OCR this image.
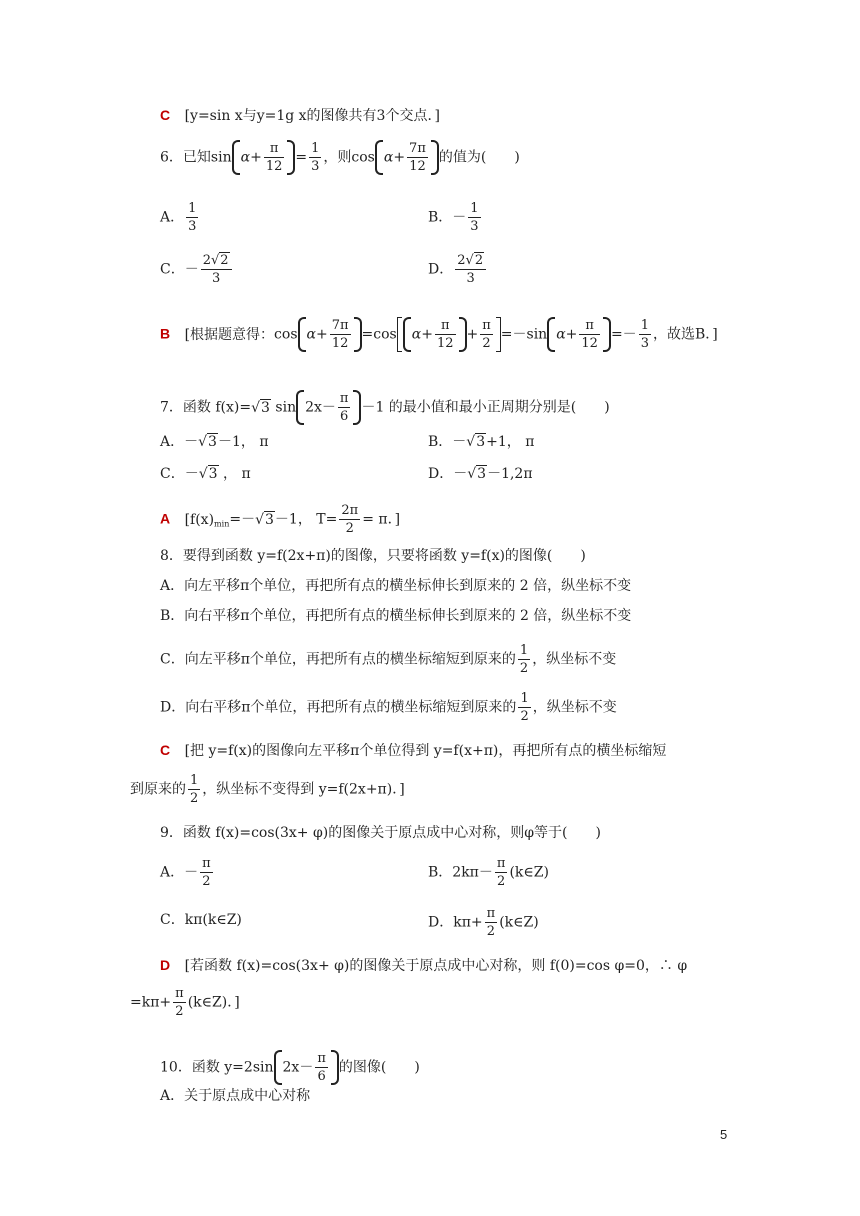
C [y=sin x与y=1g x的图像共有3个交点．]
6．已知$\sin \alpha+ \frac{\pi}{12} = \frac{1}{3}$ ，则$\cos \alpha+ \frac{7\pi}{12}$ 的值为(　　)
A． $\frac{1}{3}$	B．－ $\frac{1}{3}$
C．－ $\frac{2√ 2}{3}$	D． $\frac{2√ 2}{3}$
B [根据题意得：$\cos \alpha+ \frac{7\pi}{12} =\cos$ $\alpha+ \frac{\pi}{12} + \frac{\pi}{2} =-\sin$ $\alpha+ \frac{\pi}{12} =- \frac{1}{3}$ ，故选B．]
7．函数 f(x)=√ 3 $\sin 2x- \frac{\pi}{6} -1$ 的最小值和最小正周期分别是(　　)
A．－√ 3－1， π	B．－√ 3+1， π
C．－√ 3 ， π	D．－√ 3－1,2π
A [$f(x)_{min}=-√$ 3－1， $T= \frac{2\pi}{2} = \pi$．]
8．要得到函数 y=f(2x+π)的图像，只要将函数 y=f(x)的图像(　　)
A．向左平移π个单位，再把所有点的横坐标伸长到原来的 2 倍，纵坐标不变
B．向右平移π个单位，再把所有点的横坐标伸长到原来的 2 倍，纵坐标不变
C．向左平移π个单位，再把所有点的横坐标缩短到原来的 $\frac{1}{2}$ ，纵坐标不变
D．向右平移π个单位，再把所有点的横坐标缩短到原来的 $\frac{1}{2}$ ，纵坐标不变
C [把 y=f(x)的图像向左平移π个单位得到 y=f(x+π)，再把所有点的横坐标缩短
到原来的 $\frac{1}{2}$ ，纵坐标不变得到 y=f(2x+π)．]
9．函数 f(x)=cos(3x+ φ)的图像关于原点成中心对称，则φ等于(　　)
A．－ $\frac{\pi}{2}$	B．$2k\pi- \frac{\pi}{2}$ (k∈Z)
C．kπ(k∈Z)	D．$k\pi+ \frac{\pi}{2}$ (k∈Z)
D [若函数 f(x)=cos(3x+ φ)的图像关于原点成中心对称，则 f(0)=cos φ=0，∴ φ
$=k\pi+ \frac{\pi}{2}$ (k∈Z)．]
10．函数 y=2sin $2x- \frac{\pi}{6}$ 的图像(　　)
A．关于原点成中心对称
5
